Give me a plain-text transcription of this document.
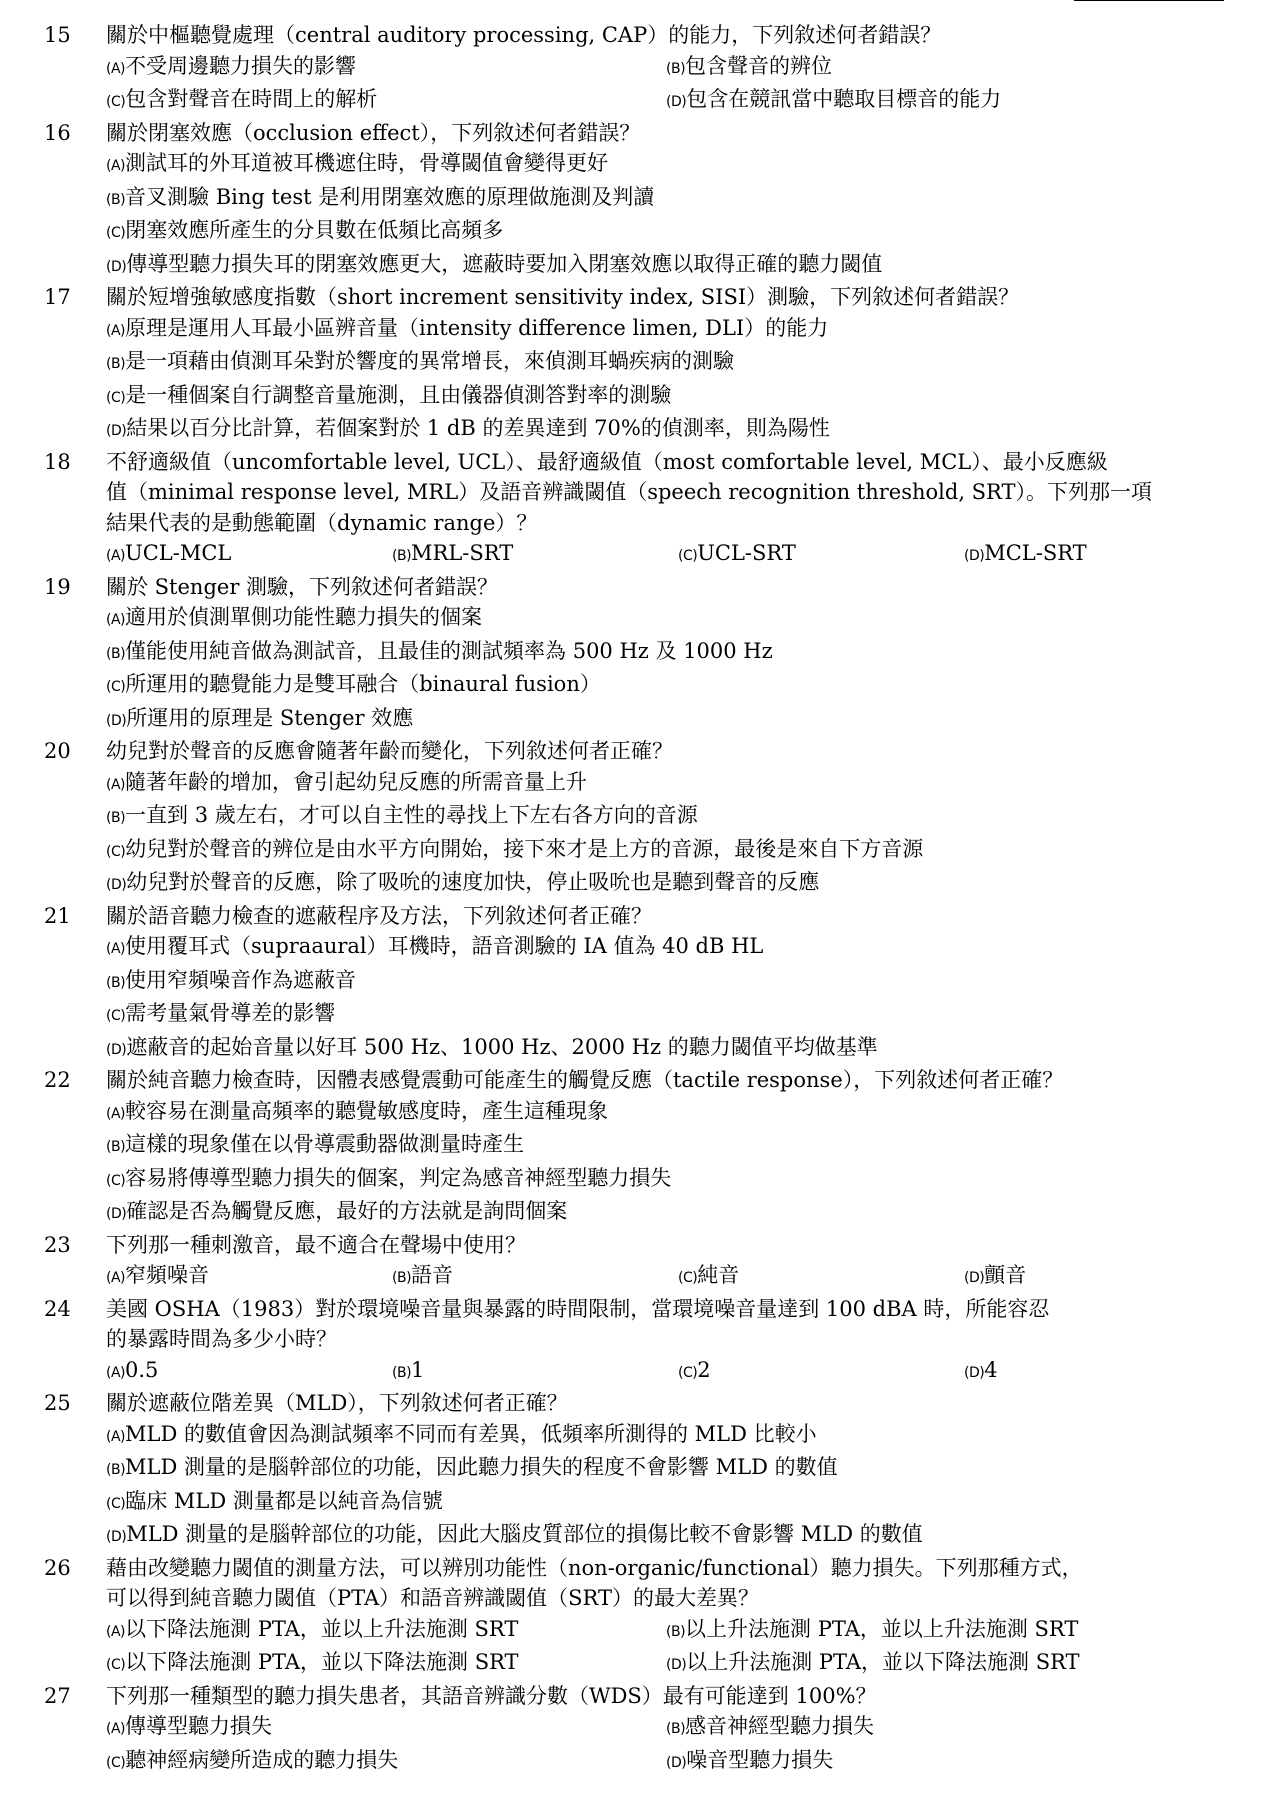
15	關於中樞聽覺處理（central auditory processing, CAP）的能力，下列敘述何者錯誤？
(A)不受周邊聽力損失的影響	(B)包含聲音的辨位
(C)包含對聲音在時間上的解析	(D)包含在競訊當中聽取目標音的能力
16	關於閉塞效應（occlusion effect），下列敘述何者錯誤？
(A)測試耳的外耳道被耳機遮住時，骨導閾值會變得更好
(B)音叉測驗 Bing test 是利用閉塞效應的原理做施測及判讀
(C)閉塞效應所產生的分貝數在低頻比高頻多
(D)傳導型聽力損失耳的閉塞效應更大，遮蔽時要加入閉塞效應以取得正確的聽力閾值
17	關於短增強敏感度指數（short increment sensitivity index, SISI）測驗，下列敘述何者錯誤？
(A)原理是運用人耳最小區辨音量（intensity difference limen, DLI）的能力
(B)是一項藉由偵測耳朵對於響度的異常增長，來偵測耳蝸疾病的測驗
(C)是一種個案自行調整音量施測，且由儀器偵測答對率的測驗
(D)結果以百分比計算，若個案對於 1 dB 的差異達到 70%的偵測率，則為陽性
18	不舒適級值（uncomfortable level, UCL）、最舒適級值（most comfortable level, MCL）、最小反應級
值（minimal response level, MRL）及語音辨識閾值（speech recognition threshold, SRT）。下列那一項
結果代表的是動態範圍（dynamic range）？
(A)UCL-MCL	(B)MRL-SRT	(C)UCL-SRT	(D)MCL-SRT
19	關於 Stenger 測驗，下列敘述何者錯誤？
(A)適用於偵測單側功能性聽力損失的個案
(B)僅能使用純音做為測試音，且最佳的測試頻率為 500 Hz 及 1000 Hz
(C)所運用的聽覺能力是雙耳融合（binaural fusion）
(D)所運用的原理是 Stenger 效應
20	幼兒對於聲音的反應會隨著年齡而變化，下列敘述何者正確？
(A)隨著年齡的增加，會引起幼兒反應的所需音量上升
(B)一直到 3 歲左右，才可以自主性的尋找上下左右各方向的音源
(C)幼兒對於聲音的辨位是由水平方向開始，接下來才是上方的音源，最後是來自下方音源
(D)幼兒對於聲音的反應，除了吸吮的速度加快，停止吸吮也是聽到聲音的反應
21	關於語音聽力檢查的遮蔽程序及方法，下列敘述何者正確？
(A)使用覆耳式（supraaural）耳機時，語音測驗的 IA 值為 40 dB HL
(B)使用窄頻噪音作為遮蔽音
(C)需考量氣骨導差的影響
(D)遮蔽音的起始音量以好耳 500 Hz、1000 Hz、2000 Hz 的聽力閾值平均做基準
22	關於純音聽力檢查時，因體表感覺震動可能產生的觸覺反應（tactile response），下列敘述何者正確？
(A)較容易在測量高頻率的聽覺敏感度時，產生這種現象
(B)這樣的現象僅在以骨導震動器做測量時產生
(C)容易將傳導型聽力損失的個案，判定為感音神經型聽力損失
(D)確認是否為觸覺反應，最好的方法就是詢問個案
23	下列那一種刺激音，最不適合在聲場中使用？
(A)窄頻噪音	(B)語音	(C)純音	(D)顫音
24	美國 OSHA（1983）對於環境噪音量與暴露的時間限制，當環境噪音量達到 100 dBA 時，所能容忍
的暴露時間為多少小時？
(A)0.5	(B)1	(C)2	(D)4
25	關於遮蔽位階差異（MLD），下列敘述何者正確？
(A)MLD 的數值會因為測試頻率不同而有差異，低頻率所測得的 MLD 比較小
(B)MLD 測量的是腦幹部位的功能，因此聽力損失的程度不會影響 MLD 的數值
(C)臨床 MLD 測量都是以純音為信號
(D)MLD 測量的是腦幹部位的功能，因此大腦皮質部位的損傷比較不會影響 MLD 的數值
26	藉由改變聽力閾值的測量方法，可以辨別功能性（non-organic/functional）聽力損失。下列那種方式，
可以得到純音聽力閾值（PTA）和語音辨識閾值（SRT）的最大差異？
(A)以下降法施測 PTA，並以上升法施測 SRT	(B)以上升法施測 PTA，並以上升法施測 SRT
(C)以下降法施測 PTA，並以下降法施測 SRT	(D)以上升法施測 PTA，並以下降法施測 SRT
27	下列那一種類型的聽力損失患者，其語音辨識分數（WDS）最有可能達到 100%？
(A)傳導型聽力損失	(B)感音神經型聽力損失
(C)聽神經病變所造成的聽力損失	(D)噪音型聽力損失
